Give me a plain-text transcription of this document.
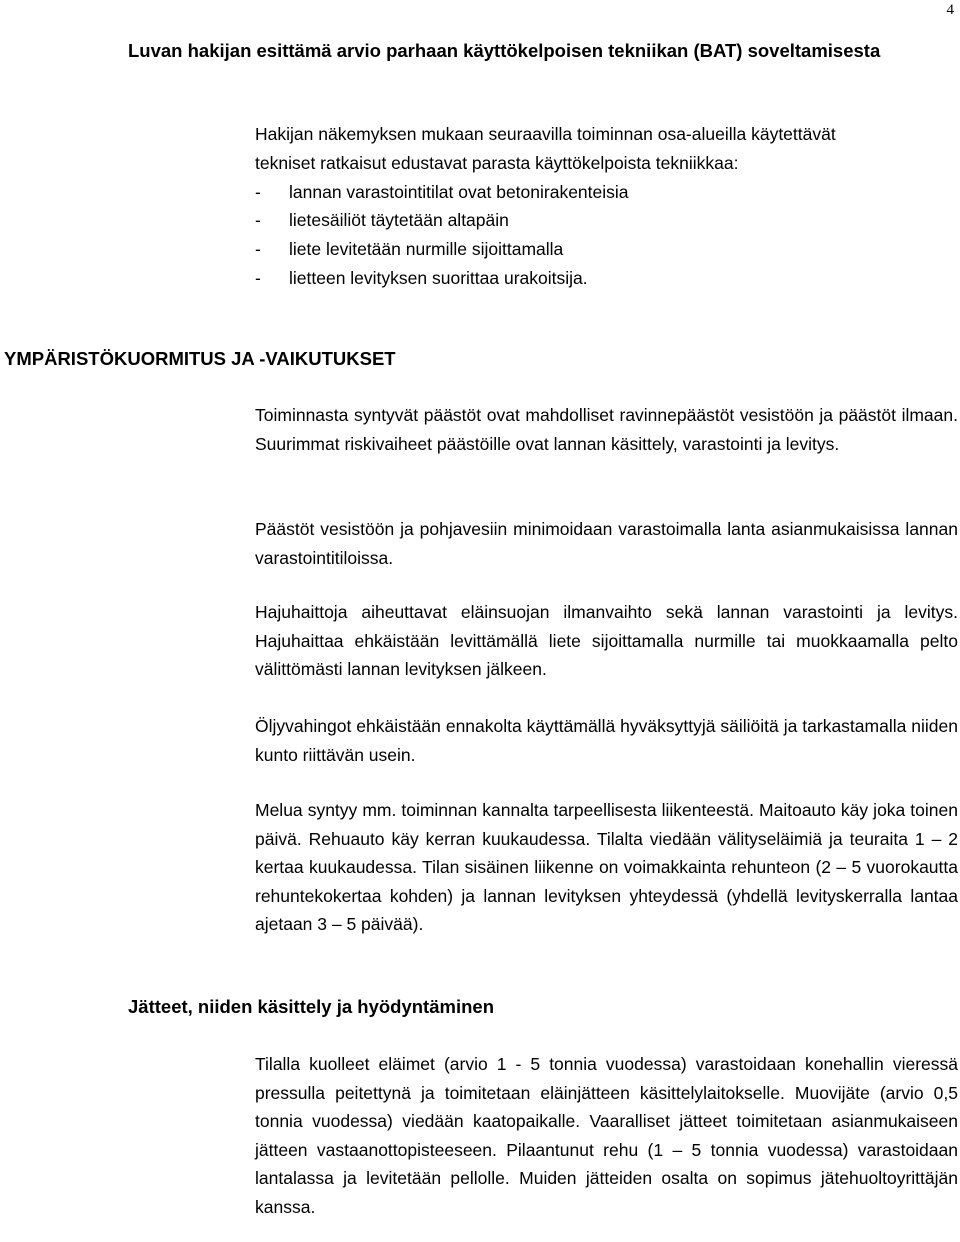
4
Luvan hakijan esittämä arvio parhaan käyttökelpoisen tekniikan (BAT) soveltamisesta
Hakijan näkemyksen mukaan seuraavilla toiminnan osa-alueilla käytettävät
tekniset ratkaisut edustavat parasta käyttökelpoista tekniikkaa:
-	lannan varastointitilat ovat betonirakenteisia
-	lietesäiliöt täytetään altapäin
-	liete levitetään nurmille sijoittamalla
-	lietteen levityksen suorittaa urakoitsija.
YMPÄRISTÖKUORMITUS JA -VAIKUTUKSET

Toiminnasta syntyvät päästöt ovat mahdolliset ravinnepäästöt vesistöön ja päästöt ilmaan. Suurimmat riskivaiheet päästöille ovat lannan käsittely, varastointi ja levitys.

Päästöt vesistöön ja pohjavesiin minimoidaan varastoimalla lanta asianmukaisissa lannan varastointitiloissa.

Hajuhaittoja aiheuttavat eläinsuojan ilmanvaihto sekä lannan varastointi ja levitys. Hajuhaittaa ehkäistään levittämällä liete sijoittamalla nurmille tai muokkaamalla pelto välittömästi lannan levityksen jälkeen.

Öljyvahingot ehkäistään ennakolta käyttämällä hyväksyttyjä säiliöitä ja tarkastamalla niiden kunto riittävän usein.

Melua syntyy mm. toiminnan kannalta tarpeellisesta liikenteestä. Maitoauto käy joka toinen päivä. Rehuauto käy kerran kuukaudessa. Tilalta viedään välityseläimiä ja teuraita 1 – 2 kertaa kuukaudessa. Tilan sisäinen liikenne on voimakkainta rehunteon (2 – 5 vuorokautta rehuntekokertaa kohden) ja lannan levityksen yhteydessä (yhdellä levityskerralla lantaa ajetaan 3 – 5 päivää).

Jätteet, niiden käsittely ja hyödyntäminen

Tilalla kuolleet eläimet (arvio 1 - 5 tonnia vuodessa) varastoidaan konehallin vieressä pressulla peitettynä ja toimitetaan eläinjätteen käsittelylaitokselle. Muovijäte (arvio 0,5 tonnia vuodessa) viedään kaatopaikalle. Vaaralliset jätteet toimitetaan asianmukaiseen jätteen vastaanottopisteeseen. Pilaantunut rehu (1 – 5 tonnia vuodessa) varastoidaan lantalassa ja levitetään pellolle. Muiden jätteiden osalta on sopimus jätehuoltoyrittäjän kanssa.
